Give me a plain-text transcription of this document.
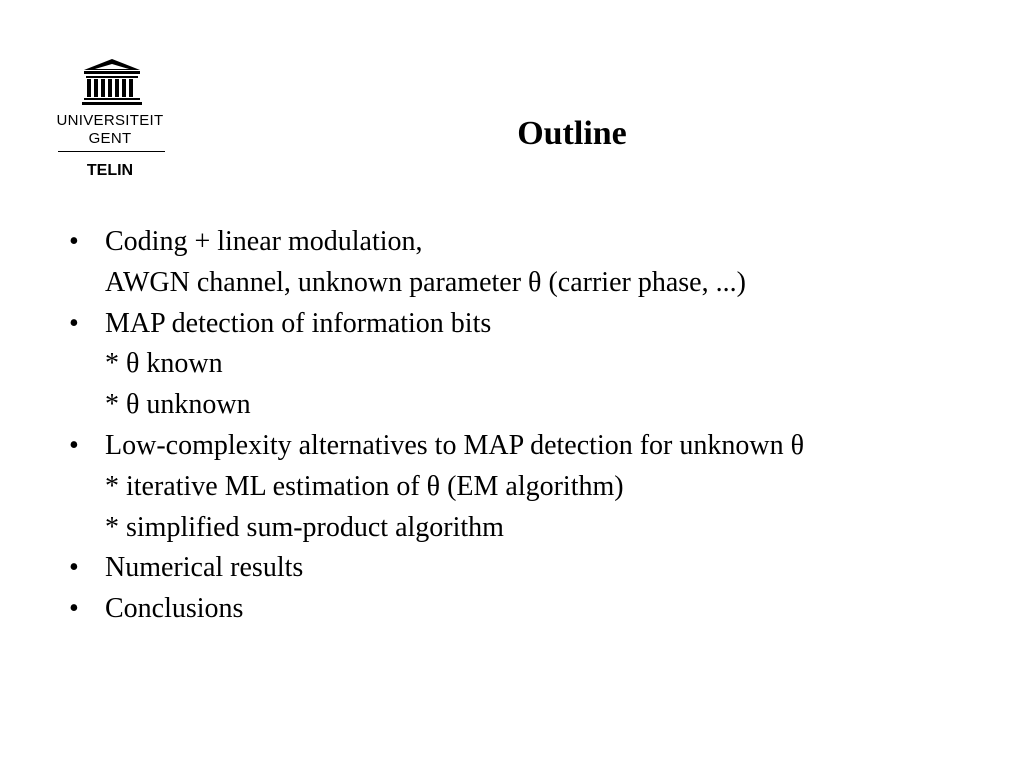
UNIVERSITEIT
GENT
TELIN
Outline
• Coding + linear modulation,
AWGN channel, unknown parameter θ (carrier phase, ...)
• MAP detection of information bits
* θ known
* θ unknown
• Low-complexity alternatives to MAP detection for unknown θ
* iterative ML estimation of θ (EM algorithm)
* simplified sum-product algorithm
• Numerical results
• Conclusions
